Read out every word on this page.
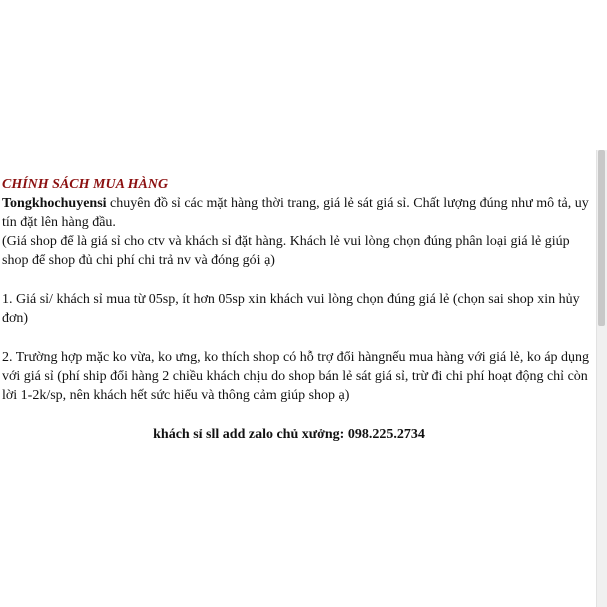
CHÍNH SÁCH MUA HÀNG

Tongkhochuyensi chuyên đồ sỉ các mặt hàng thời trang, giá lẻ sát giá sỉ. Chất lượng đúng như mô tả, uy tín đặt lên hàng đầu.

(Giá shop để là giá sỉ cho ctv và khách sỉ đặt hàng. Khách lẻ vui lòng chọn đúng phân loại giá lẻ giúp shop để shop đủ chi phí chi trả nv và đóng gói ạ)

1. Giá sỉ/ khách sỉ mua từ 05sp, ít hơn 05sp xin khách vui lòng chọn đúng giá lẻ (chọn sai shop xin hủy đơn)

2. Trường hợp mặc ko vừa, ko ưng, ko thích shop có hỗ trợ đổi hàngnếu mua hàng với giá lẻ, ko áp dụng với giá sỉ (phí ship đổi hàng 2 chiều khách chịu do shop bán lẻ sát giá sỉ, trừ đi chi phí hoạt động chỉ còn lời 1-2k/sp, nên khách hết sức hiểu và thông cảm giúp shop ạ)

khách sỉ sll add zalo chủ xưởng: 098.225.2734
